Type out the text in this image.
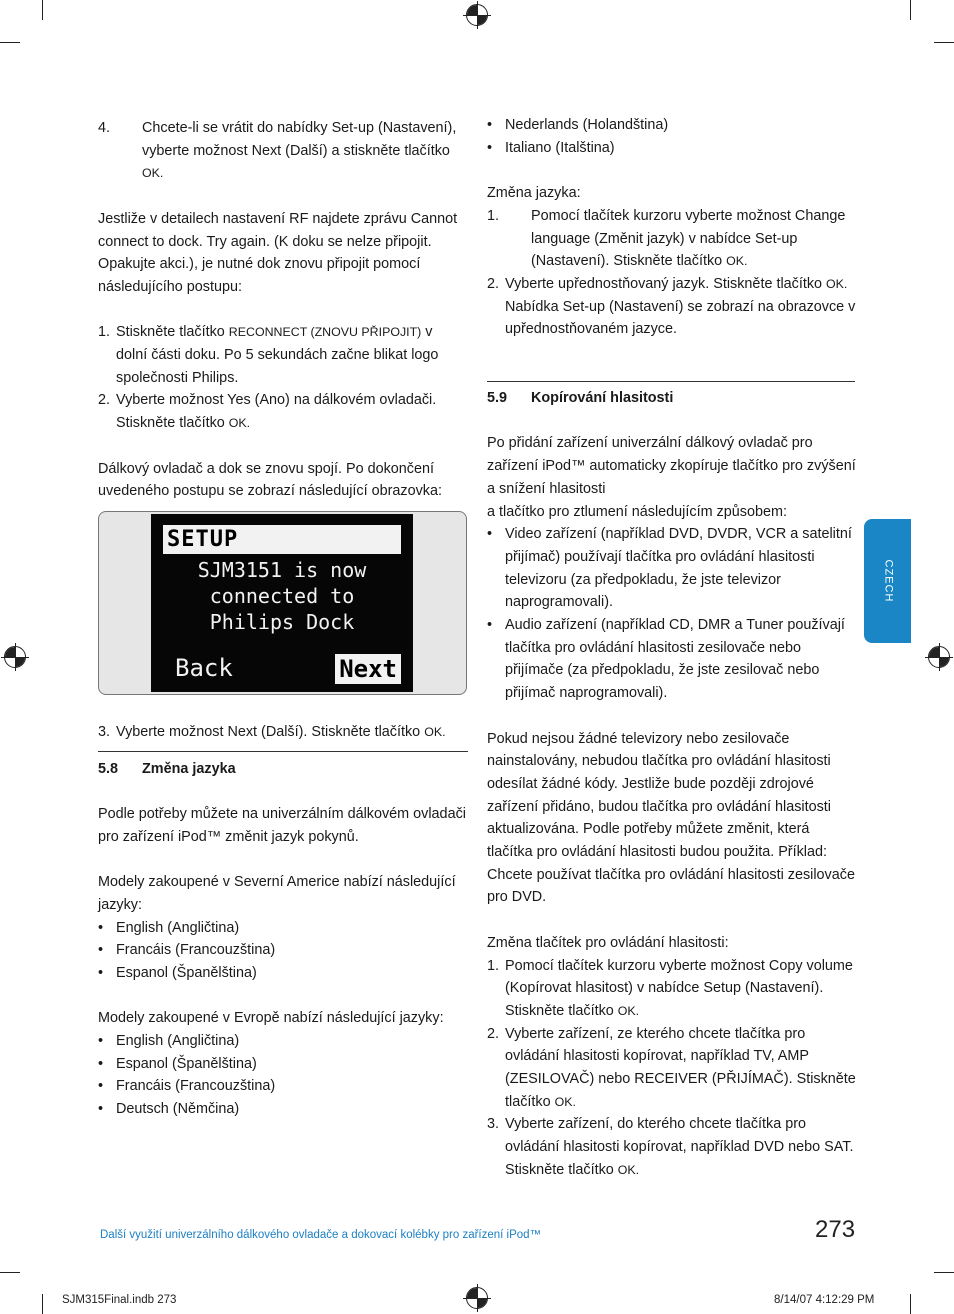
4.	Chcete-li se vrátit do nabídky Set-up (Nastavení), vyberte možnost Next (Další) a stiskněte tlačítko OK.

Jestliže v detailech nastavení RF najdete zprávu Cannot connect to dock. Try again. (K doku se nelze připojit. Opakujte akci.), je nutné dok znovu připojit pomocí následujícího postupu:

1. Stiskněte tlačítko RECONNECT (ZNOVU PŘIPOJIT) v dolní části doku. Po 5 sekundách začne blikat logo společnosti Philips.
2. Vyberte možnost Yes (Ano) na dálkovém ovladači. Stiskněte tlačítko OK.

Dálkový ovladač a dok se znovu spojí. Po dokončení uvedeného postupu se zobrazí následující obrazovka:

SETUP
SJM3151 is now
connected to
Philips Dock
Back	Next
3. Vyberte možnost Next (Další). Stiskněte tlačítko OK.
5.8	Změna jazyka

Podle potřeby můžete na univerzálním dálkovém ovladači pro zařízení iPod™ změnit jazyk pokynů.

Modely zakoupené v Severní Americe nabízí následující jazyky:

• English (Angličtina)
• Francáis (Francouzština)
• Espanol (Španělština)

Modely zakoupené v Evropě nabízí následující jazyky:

• English (Angličtina)
• Espanol (Španělština)
• Francáis (Francouzština)
• Deutsch (Němčina)
• Nederlands (Holandština)
• Italiano (Italština)

Změna jazyka:

1.	Pomocí tlačítek kurzoru vyberte možnost Change language (Změnit jazyk) v nabídce Set-up (Nastavení). Stiskněte tlačítko OK.
2. Vyberte upřednostňovaný jazyk. Stiskněte tlačítko OK. Nabídka Set-up (Nastavení) se zobrazí na obrazovce v upřednostňovaném jazyce.
5.9	Kopírování hlasitosti

Po přidání zařízení univerzální dálkový ovladač pro zařízení iPod™ automaticky zkopíruje tlačítko pro zvýšení a snížení hlasitosti

a tlačítko pro ztlumení následujícím způsobem:

• Video zařízení (například DVD, DVDR, VCR a satelitní přijímač) používají tlačítka pro ovládání hlasitosti televizoru (za předpokladu, že jste televizor naprogramovali).
• Audio zařízení (například CD, DMR a Tuner používají tlačítka pro ovládání hlasitosti zesilovače nebo přijímače (za předpokladu, že jste zesilovač nebo přijímač naprogramovali).

Pokud nejsou žádné televizory nebo zesilovače nainstalovány, nebudou tlačítka pro ovládání hlasitosti odesílat žádné kódy. Jestliže bude později zdrojové zařízení přidáno, budou tlačítka pro ovládání hlasitosti aktualizována. Podle potřeby můžete změnit, která tlačítka pro ovládání hlasitosti budou použita. Příklad: Chcete používat tlačítka pro ovládání hlasitosti zesilovače pro DVD.

Změna tlačítek pro ovládání hlasitosti:

1. Pomocí tlačítek kurzoru vyberte možnost Copy volume (Kopírovat hlasitost) v nabídce Setup (Nastavení). Stiskněte tlačítko OK.
2. Vyberte zařízení, ze kterého chcete tlačítka pro ovládání hlasitosti kopírovat, například TV, AMP (ZESILOVAČ) nebo RECEIVER (PŘIJÍMAČ). Stiskněte tlačítko OK.
3. Vyberte zařízení, do kterého chcete tlačítka pro ovládání hlasitosti kopírovat, například DVD nebo SAT. Stiskněte tlačítko OK.
CZECH
Další využití univerzálního dálkového ovladače a dokovací kolébky pro zařízení iPod™	273
SJM315Final.indb 273	8/14/07 4:12:29 PM
